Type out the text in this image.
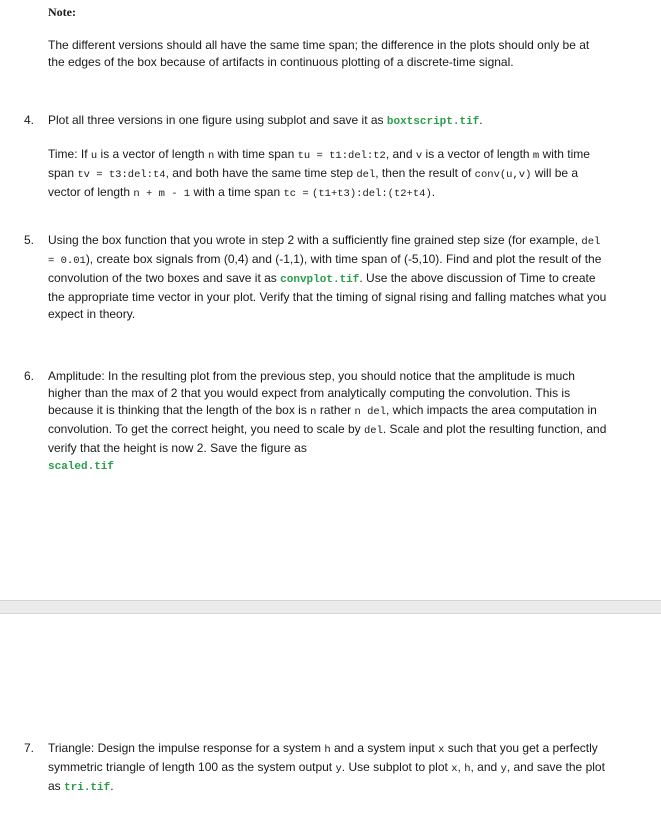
Note:

The different versions should all have the same time span; the difference in the plots should only be at the edges of the box because of artifacts in continuous plotting of a discrete-time signal.

4.	Plot all three versions in one figure using subplot and save it as boxtscript.tif.

Time: If u is a vector of length n with time span tu = t1:del:t2, and v is a vector of length m with time span tv = t3:del:t4, and both have the same time step del, then the result of conv(u,v) will be a vector of length n + m - 1 with a time span tc = (t1+t3):del:(t2+t4).

5.	Using the box function that you wrote in step 2 with a sufficiently fine grained step size (for example, del = 0.01), create box signals from (0,4) and (-1,1), with time span of (-5,10). Find and plot the result of the convolution of the two boxes and save it as convplot.tif. Use the above discussion of Time to create the appropriate time vector in your plot. Verify that the timing of signal rising and falling matches what you expect in theory.

6.	Amplitude: In the resulting plot from the previous step, you should notice that the amplitude is much higher than the max of 2 that you would expect from analytically computing the convolution. This is because it is thinking that the length of the box is n rather n del, which impacts the area computation in convolution. To get the correct height, you need to scale by del. Scale and plot the resulting function, and verify that the height is now 2. Save the figure as
scaled.tif

7.	Triangle: Design the impulse response for a system h and a system input x such that you get a perfectly symmetric triangle of length 100 as the system output y. Use subplot to plot x, h, and y, and save the plot as tri.tif.
